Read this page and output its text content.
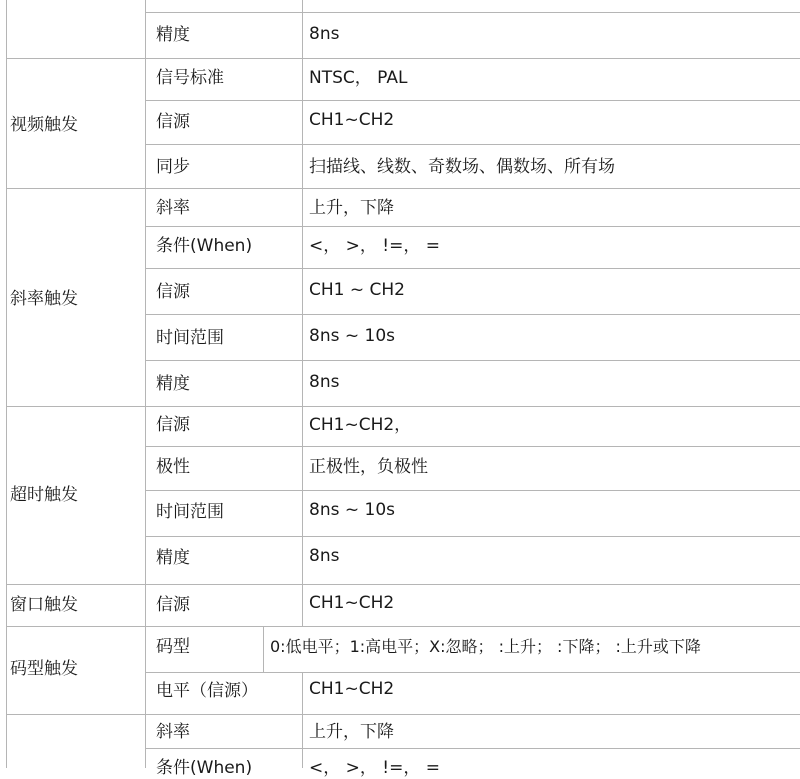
精度	8ns
视频触发
信号标准	NTSC， PAL
信源	CH1~CH2
同步	扫描线、线数、奇数场、偶数场、所有场
斜率触发
斜率	上升，下降
条件(When)	<， >， !=， =
信源	CH1 ~ CH2
时间范围	8ns ~ 10s
精度	8ns
超时触发
信源	CH1~CH2，
极性	正极性，负极性
时间范围	8ns ~ 10s
精度	8ns
窗口触发	信源	CH1~CH2
码型触发
码型	0:低电平；1:高电平；X:忽略； :上升； :下降； :上升或下降
电平（信源）	CH1~CH2
斜率	上升，下降
条件(When)	<， >， !=， =
